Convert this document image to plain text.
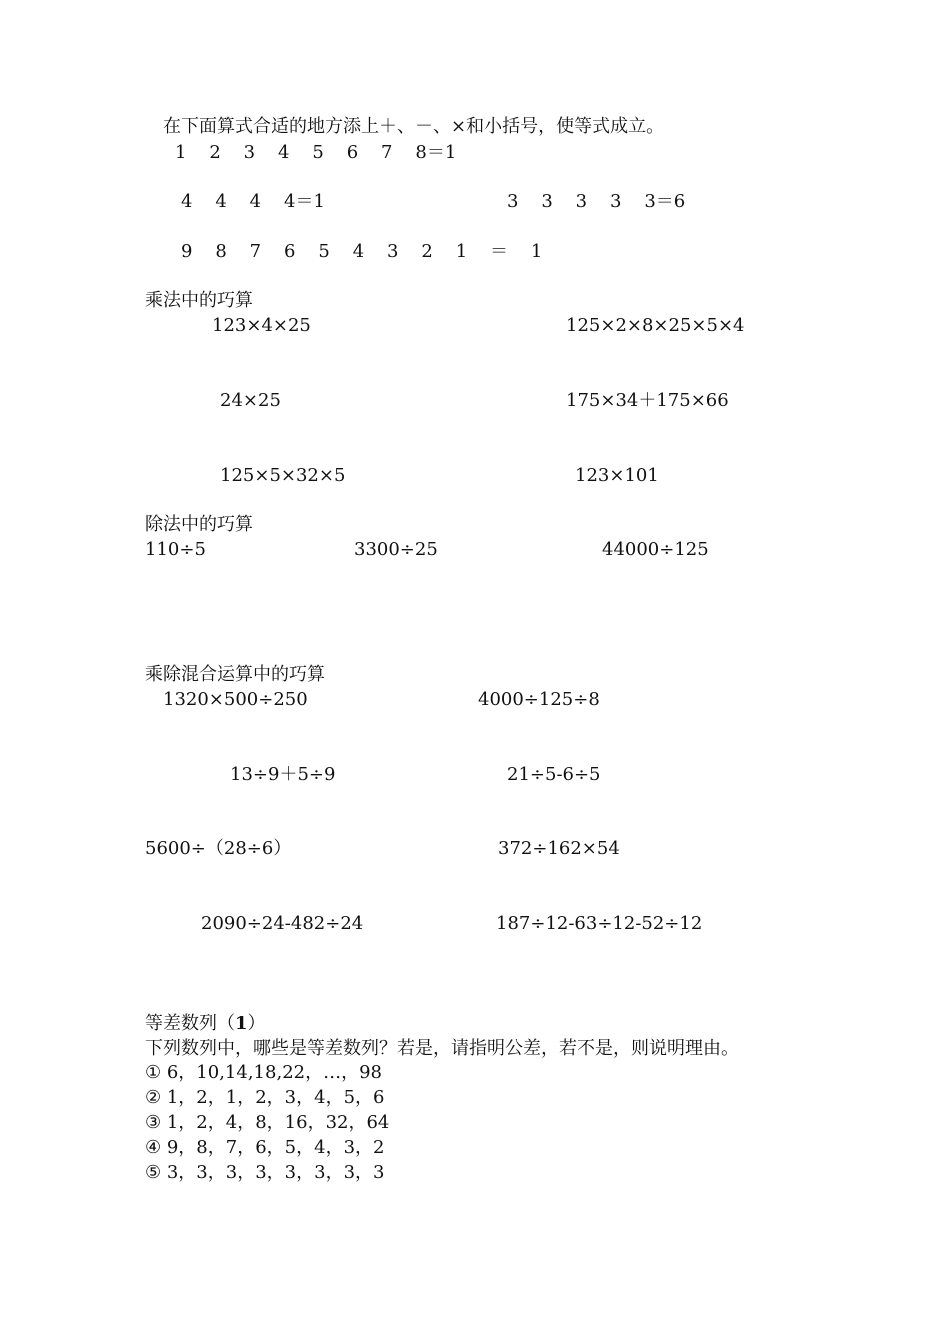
在下面算式合适的地方添上＋、－、×和小括号，使等式成立。
1    2    3    4    5    6    7    8＝1
4    4    4    4＝1	3    3    3    3    3＝6
9    8    7    6    5    4    3    2    1    ＝    1
乘法中的巧算
123×4×25	125×2×8×25×5×4
24×25	175×34＋175×66
125×5×32×5	123×101
除法中的巧算
110÷5	3300÷25	44000÷125
乘除混合运算中的巧算
1320×500÷250	4000÷125÷8
13÷9＋5÷9	21÷5-6÷5
5600÷（28÷6）	372÷162×54
2090÷24-482÷24	187÷12-63÷12-52÷12
等差数列（1）
下列数列中，哪些是等差数列？若是，请指明公差，若不是，则说明理由。
① 6，10,14,18,22，…，98
② 1，2，1，2，3，4，5，6
③ 1，2，4，8，16，32，64
④ 9，8，7，6，5，4，3，2
⑤ 3，3，3，3，3，3，3，3
